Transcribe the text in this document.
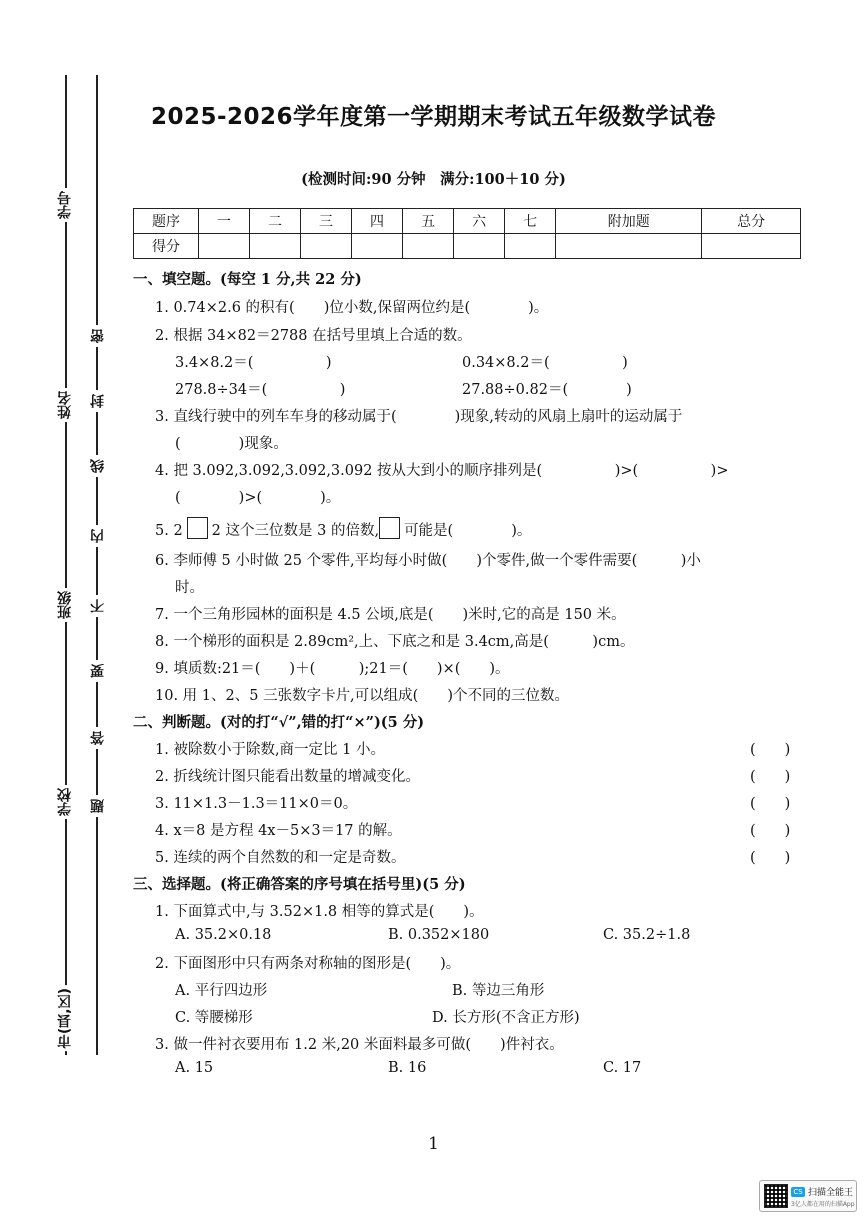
学号
姓名
班级
学校
市(县,区)
密
封
线
内
不
要
答
题
2025-2026学年度第一学期期末考试五年级数学试卷
(检测时间:90 分钟　满分:100＋10 分)
题序	一	二	三	四	五	六	七	附加题	总分
得分									
一、填空题。(每空 1 分,共 22 分)
1. 0.74×2.6 的积有(　　)位小数,保留两位约是(　　　　)。
2. 根据 34×82＝2788 在括号里填上合适的数。
3.4×8.2＝(　　　　　)	0.34×8.2＝(　　　　　)
278.8÷34＝(　　　　　)	27.88÷0.82＝(　　　　)
3. 直线行驶中的列车车身的移动属于(　　　　)现象,转动的风扇上扇叶的运动属于
(　　　　)现象。
4. 把 3.092,3.092,3.092,3.092 按从大到小的顺序排列是(　　　　　)>(　　　　　)>
(　　　　)>(　　　　)。
5. 2 2 这个三位数是 3 的倍数, 可能是(　　　　)。
6. 李师傅 5 小时做 25 个零件,平均每小时做(　　)个零件,做一个零件需要(　　　)小
时。
7. 一个三角形园林的面积是 4.5 公顷,底是(　　)米时,它的高是 150 米。
8. 一个梯形的面积是 2.89cm²,上、下底之和是 3.4cm,高是(　　　)cm。
9. 填质数:21＝(　　)＋(　　　);21＝(　　)×(　　)。
10. 用 1、2、5 三张数字卡片,可以组成(　　)个不同的三位数。
二、判断题。(对的打“√”,错的打“×”)(5 分)
1. 被除数小于除数,商一定比 1 小。	(　　)
2. 折线统计图只能看出数量的增减变化。	(　　)
3. 11×1.3－1.3＝11×0＝0。	(　　)
4. x＝8 是方程 4x－5×3＝17 的解。	(　　)
5. 连续的两个自然数的和一定是奇数。	(　　)
三、选择题。(将正确答案的序号填在括号里)(5 分)
1. 下面算式中,与 3.52×1.8 相等的算式是(　　)。
A. 35.2×0.18	B. 0.352×180	C. 35.2÷1.8
2. 下面图形中只有两条对称轴的图形是(　　)。
A. 平行四边形	B. 等边三角形
C. 等腰梯形	D. 长方形(不含正方形)
3. 做一件衬衣要用布 1.2 米,20 米面料最多可做(　　)件衬衣。
A. 15	B. 16	C. 17
1
CS 扫描全能王
3亿人都在用的扫描App
